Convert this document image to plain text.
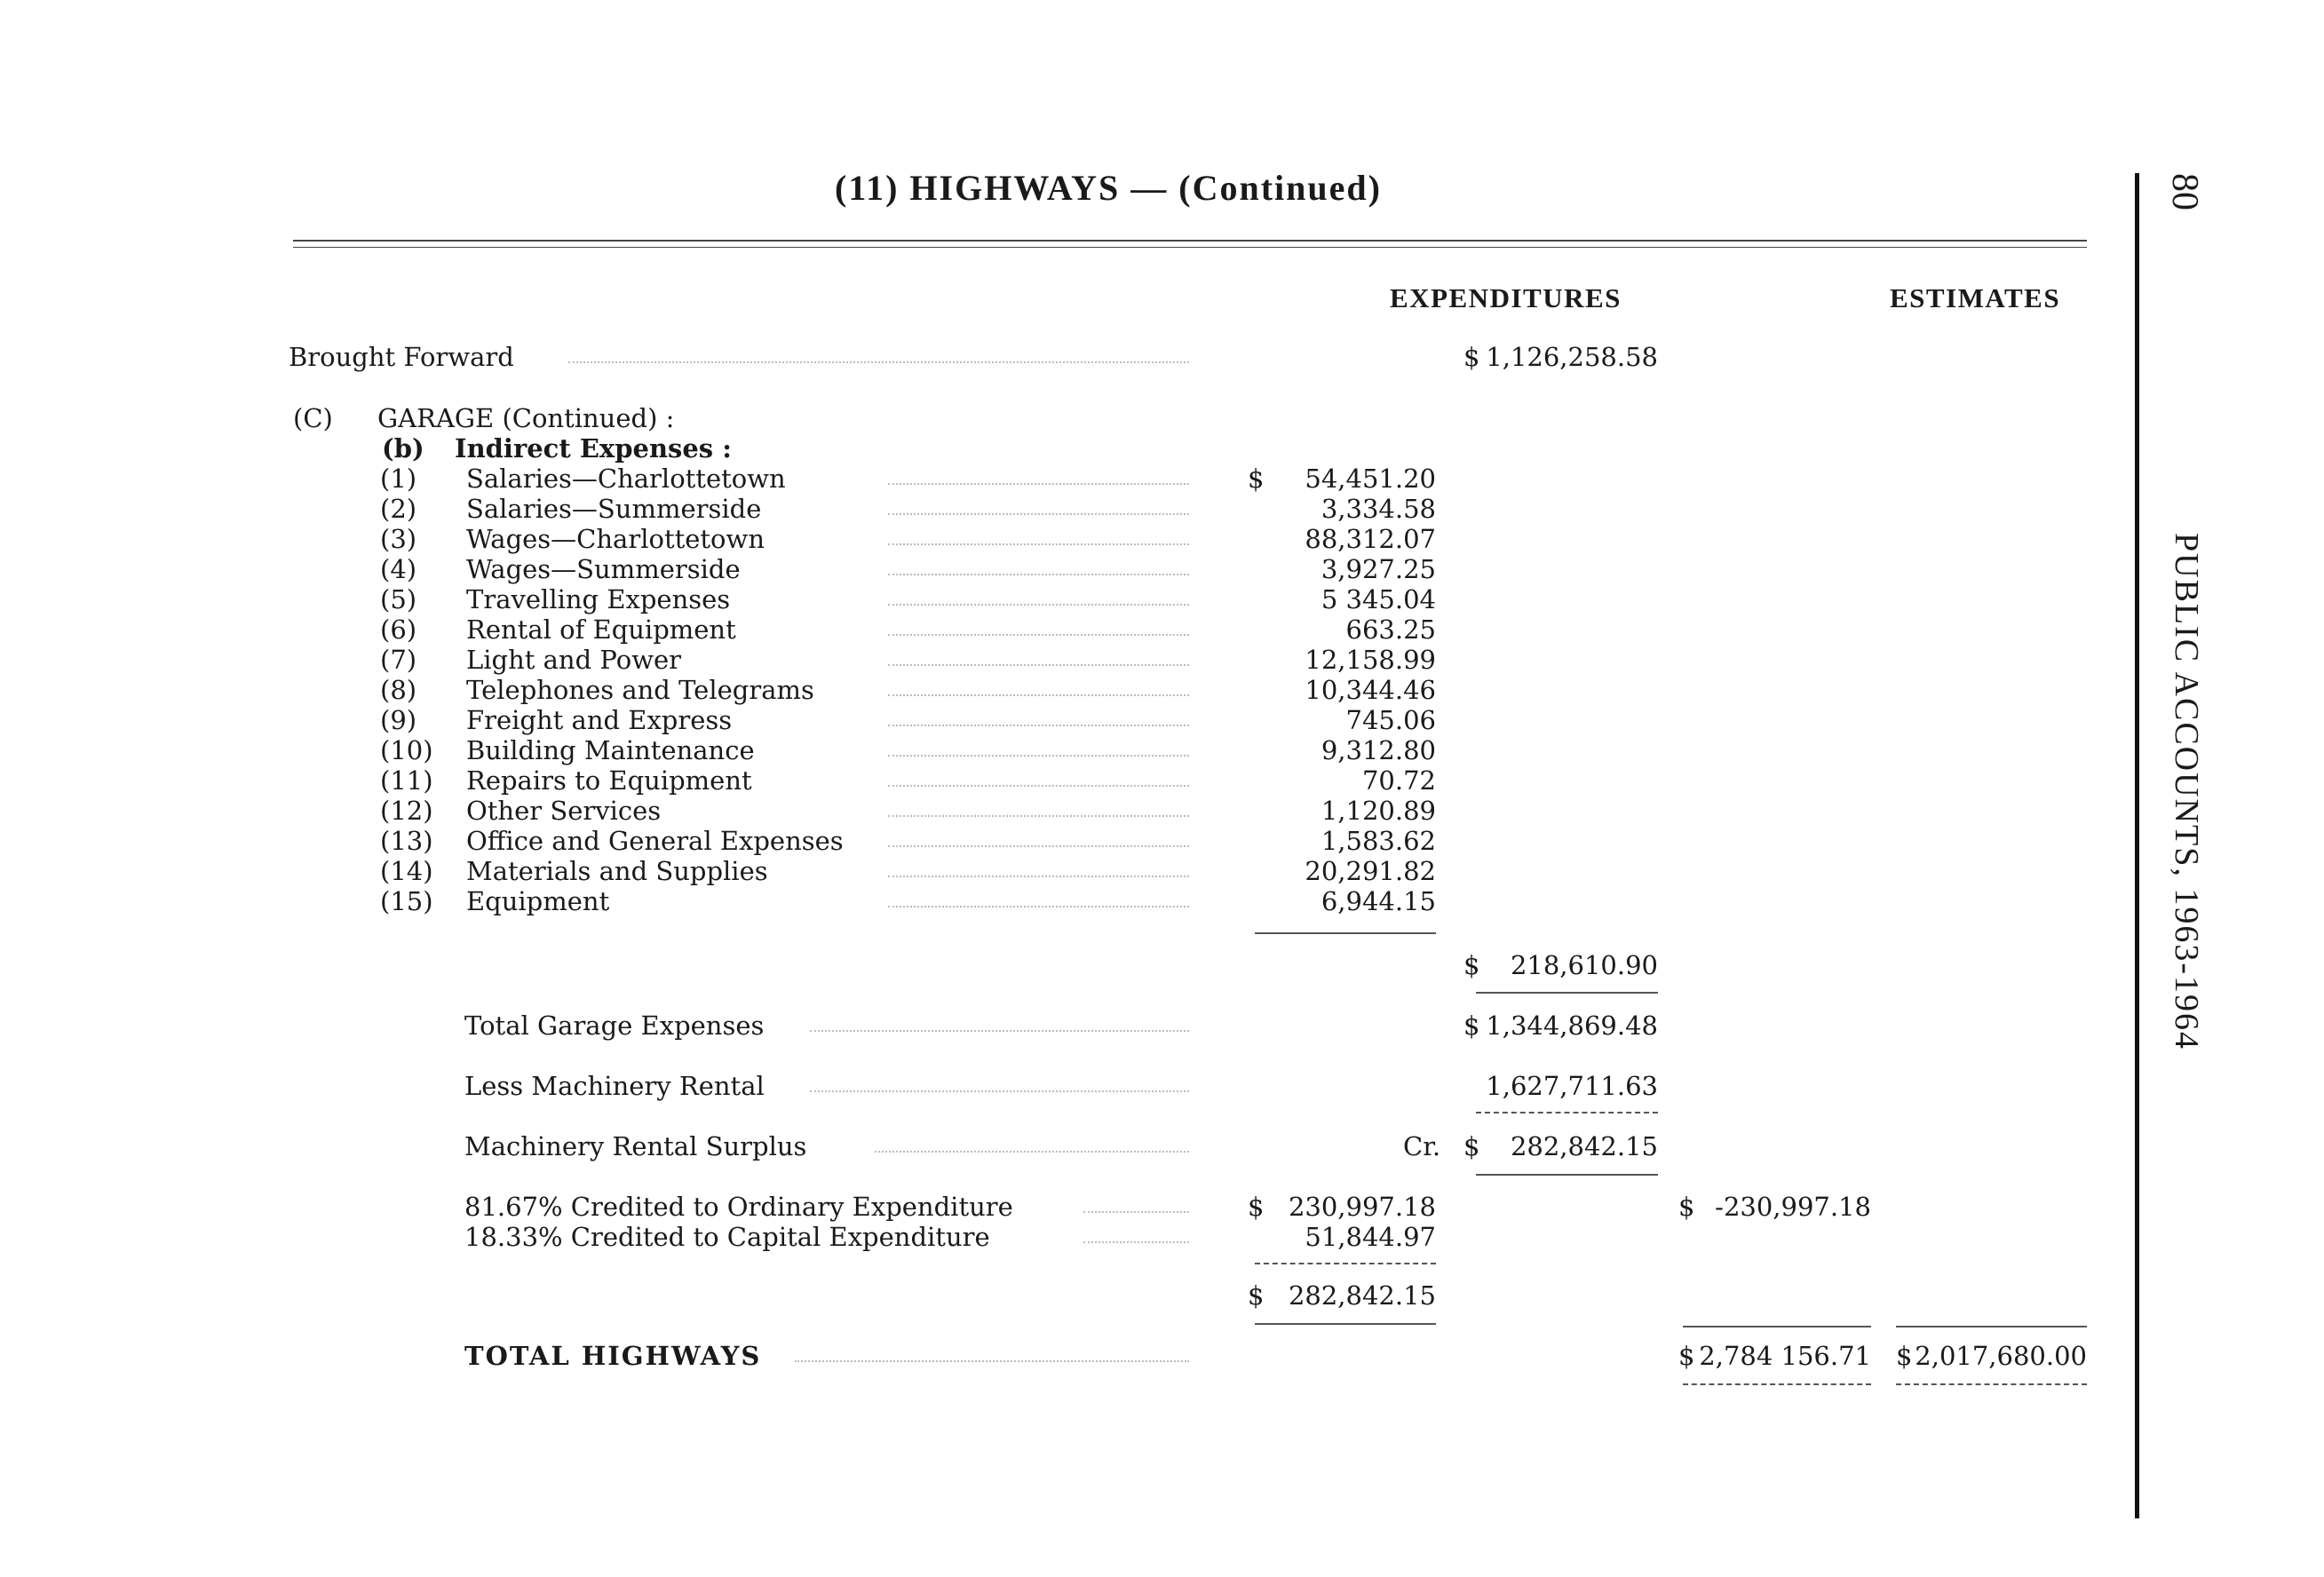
(11) HIGHWAYS — (Continued)	80
PUBLIC ACCOUNTS, 1963-1964
EXPENDITURES	ESTIMATES
Brought Forward	$ 1,126,258.58
(C) GARAGE (Continued) :
(b) Indirect Expenses :
(1) Salaries—Charlottetown	$ 54,451.20
(2) Salaries—Summerside	3,334.58
(3) Wages—Charlottetown	88,312.07
(4) Wages—Summerside	3,927.25
(5) Travelling Expenses	5 345.04
(6) Rental of Equipment	663.25
(7) Light and Power	12,158.99
(8) Telephones and Telegrams	10,344.46
(9) Freight and Express	745.06
(10) Building Maintenance	9,312.80
(11) Repairs to Equipment	70.72
(12) Other Services	1,120.89
(13) Office and General Expenses	1,583.62
(14) Materials and Supplies	20,291.82
(15) Equipment	6,944.15
$ 218,610.90
Total Garage Expenses	$ 1,344,869.48
Less Machinery Rental	1,627,711.63
Machinery Rental Surplus	Cr. $ 282,842.15
81.67% Credited to Ordinary Expenditure	$ 230,997.18	$ -230,997.18
18.33% Credited to Capital Expenditure	51,844.97
$ 282,842.15
TOTAL HIGHWAYS	$ 2,784 156.71 $ 2,017,680.00
